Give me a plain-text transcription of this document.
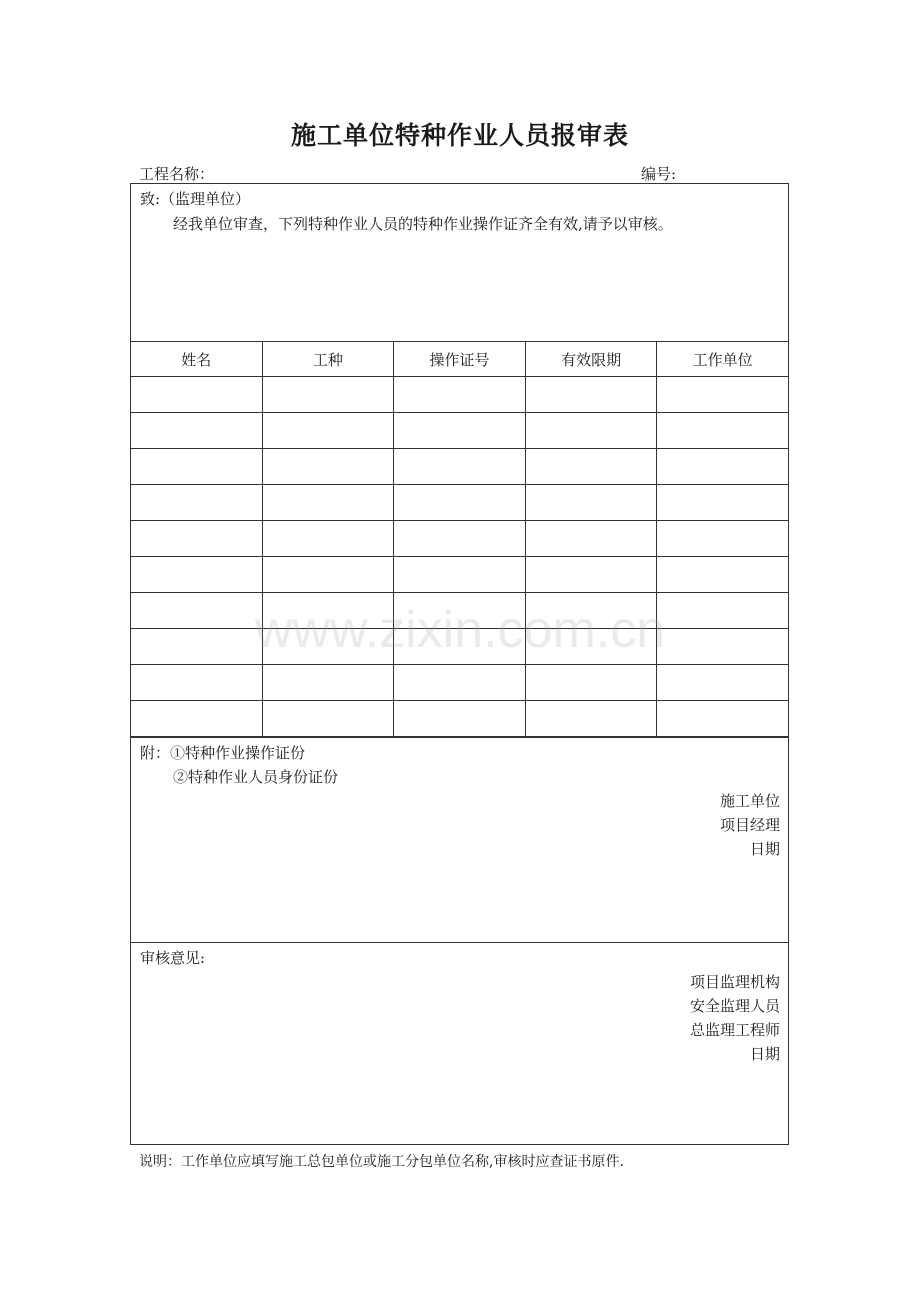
施工单位特种作业人员报审表
工程名称：	编号:
致:（监理单位）
经我单位审查，下列特种作业人员的特种作业操作证齐全有效,请予以审核。
姓名	工种	操作证号	有效限期	工作单位

附：①特种作业操作证份
②特种作业人员身份证份
施工单位
项目经理
日期
审核意见:
项目监理机构
安全监理人员
总监理工程师
日期
说明：工作单位应填写施工总包单位或施工分包单位名称,审核时应查证书原件.
www.zixin.com.cn
